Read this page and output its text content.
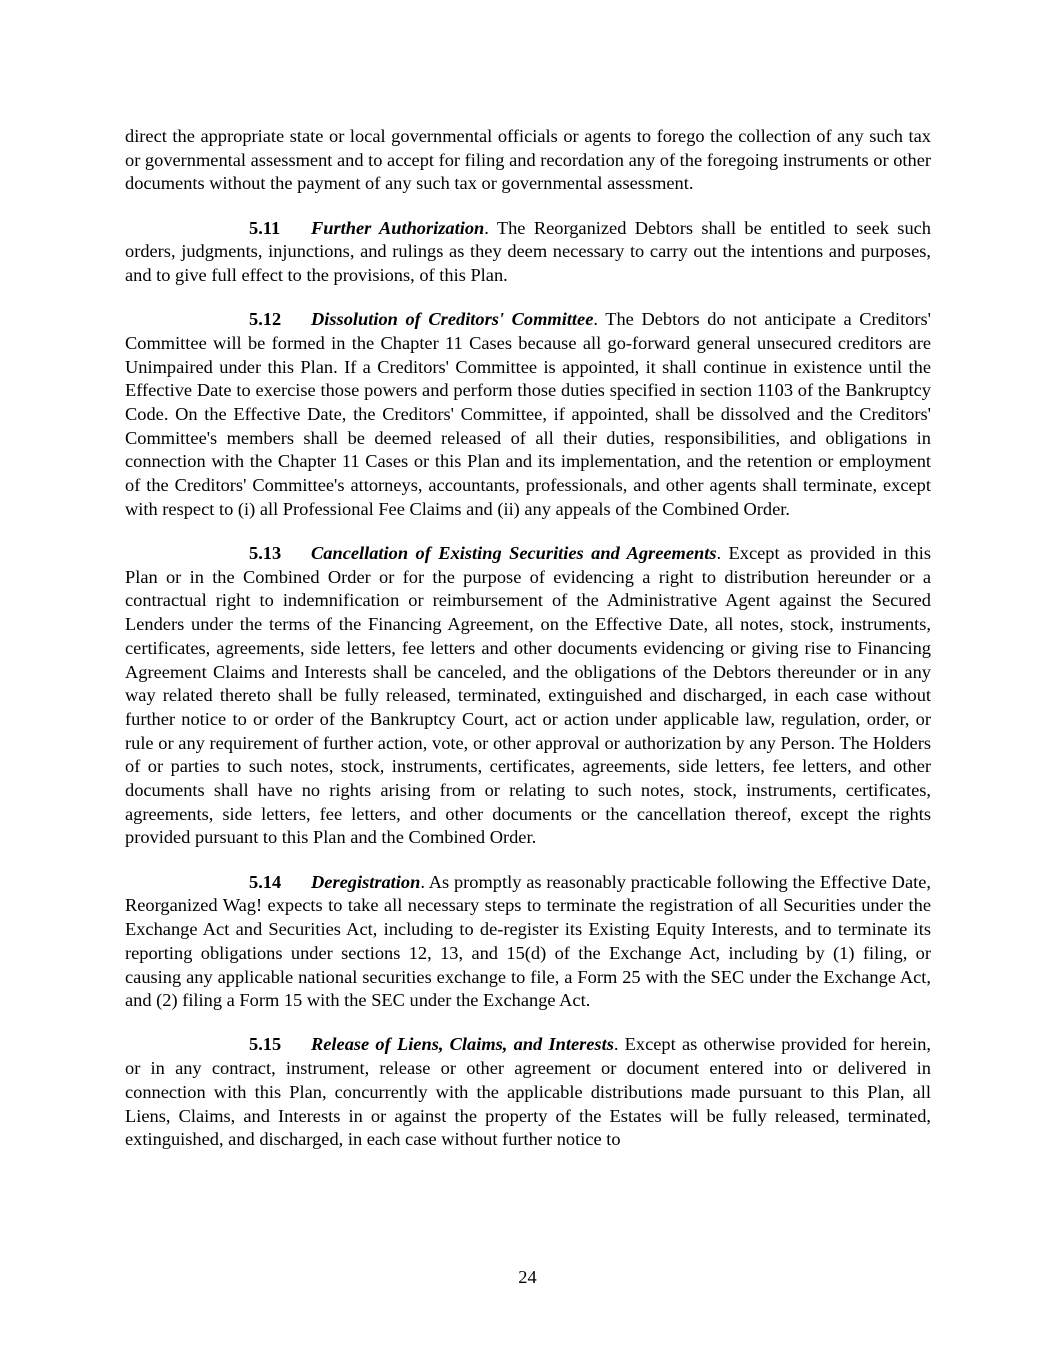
direct the appropriate state or local governmental officials or agents to forego the collection of any such tax or governmental assessment and to accept for filing and recordation any of the foregoing instruments or other documents without the payment of any such tax or governmental assessment.

5.11 Further Authorization. The Reorganized Debtors shall be entitled to seek such orders, judgments, injunctions, and rulings as they deem necessary to carry out the intentions and purposes, and to give full effect to the provisions, of this Plan.

5.12 Dissolution of Creditors' Committee. The Debtors do not anticipate a Creditors' Committee will be formed in the Chapter 11 Cases because all go-forward general unsecured creditors are Unimpaired under this Plan. If a Creditors' Committee is appointed, it shall continue in existence until the Effective Date to exercise those powers and perform those duties specified in section 1103 of the Bankruptcy Code. On the Effective Date, the Creditors' Committee, if appointed, shall be dissolved and the Creditors' Committee's members shall be deemed released of all their duties, responsibilities, and obligations in connection with the Chapter 11 Cases or this Plan and its implementation, and the retention or employment of the Creditors' Committee's attorneys, accountants, professionals, and other agents shall terminate, except with respect to (i) all Professional Fee Claims and (ii) any appeals of the Combined Order.

5.13 Cancellation of Existing Securities and Agreements. Except as provided in this Plan or in the Combined Order or for the purpose of evidencing a right to distribution hereunder or a contractual right to indemnification or reimbursement of the Administrative Agent against the Secured Lenders under the terms of the Financing Agreement, on the Effective Date, all notes, stock, instruments, certificates, agreements, side letters, fee letters and other documents evidencing or giving rise to Financing Agreement Claims and Interests shall be canceled, and the obligations of the Debtors thereunder or in any way related thereto shall be fully released, terminated, extinguished and discharged, in each case without further notice to or order of the Bankruptcy Court, act or action under applicable law, regulation, order, or rule or any requirement of further action, vote, or other approval or authorization by any Person. The Holders of or parties to such notes, stock, instruments, certificates, agreements, side letters, fee letters, and other documents shall have no rights arising from or relating to such notes, stock, instruments, certificates, agreements, side letters, fee letters, and other documents or the cancellation thereof, except the rights provided pursuant to this Plan and the Combined Order.

5.14 Deregistration. As promptly as reasonably practicable following the Effective Date, Reorganized Wag! expects to take all necessary steps to terminate the registration of all Securities under the Exchange Act and Securities Act, including to de-register its Existing Equity Interests, and to terminate its reporting obligations under sections 12, 13, and 15(d) of the Exchange Act, including by (1) filing, or causing any applicable national securities exchange to file, a Form 25 with the SEC under the Exchange Act, and (2) filing a Form 15 with the SEC under the Exchange Act.

5.15 Release of Liens, Claims, and Interests. Except as otherwise provided for herein, or in any contract, instrument, release or other agreement or document entered into or delivered in connection with this Plan, concurrently with the applicable distributions made pursuant to this Plan, all Liens, Claims, and Interests in or against the property of the Estates will be fully released, terminated, extinguished, and discharged, in each case without further notice to

24
